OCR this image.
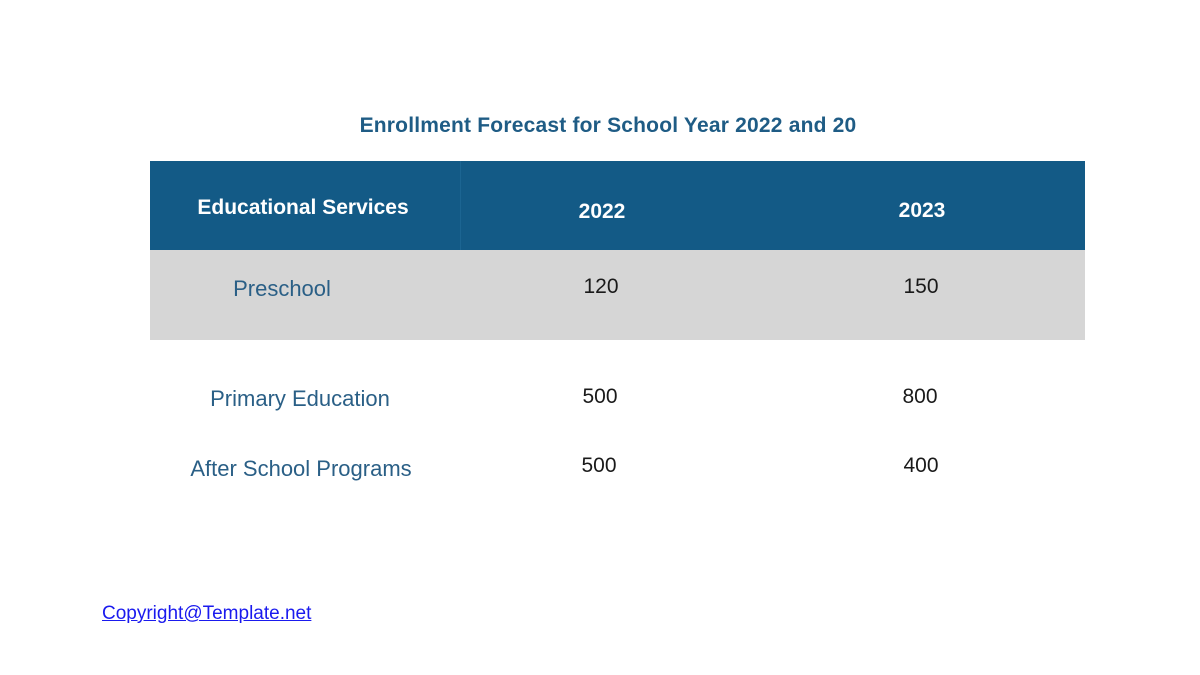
Enrollment Forecast for School Year 2022 and 20
Educational Services	2022	2023
Preschool	120	150
Primary Education	500	800
After School Programs	500	400
Copyright@Template.net
